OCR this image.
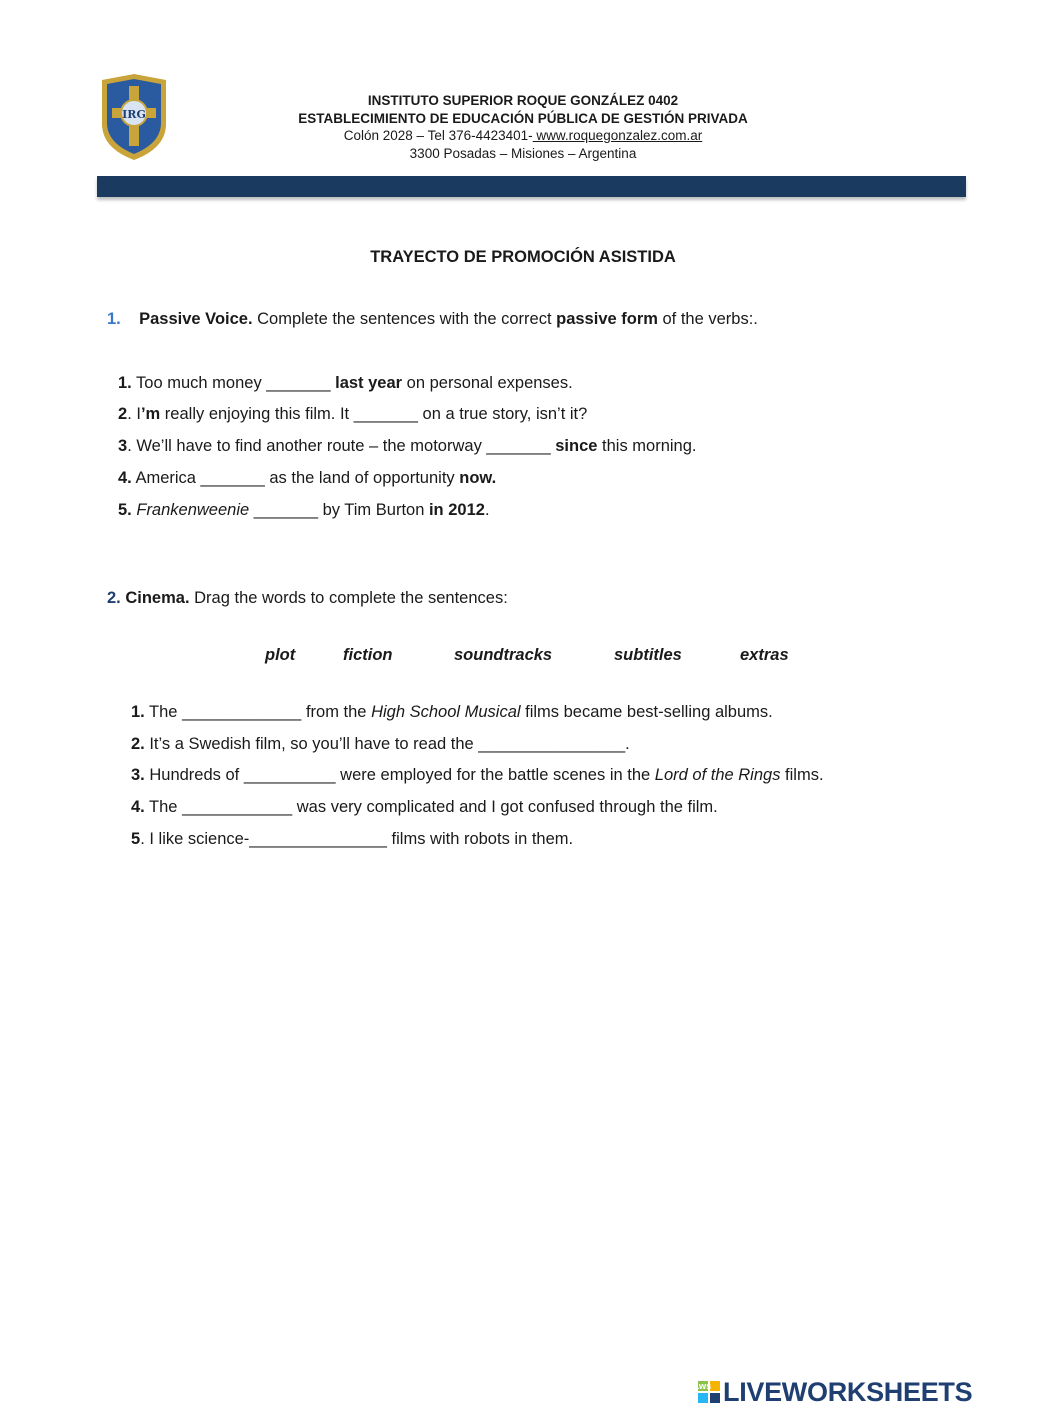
IRG
INSTITUTO SUPERIOR ROQUE GONZÁLEZ 0402
ESTABLECIMIENTO DE EDUCACIÓN PÚBLICA DE GESTIÓN PRIVADA
Colón 2028 – Tel 376-4423401- www.roquegonzalez.com.ar
3300 Posadas – Misiones – Argentina
TRAYECTO DE PROMOCIÓN ASISTIDA
1. Passive Voice. Complete the sentences with the correct passive form of the verbs:.
1. Too much money _______ last year on personal expenses.
2. I’m really enjoying this film. It _______ on a true story, isn’t it?
3. We’ll have to find another route – the motorway _______ since this morning.
4. America _______ as the land of opportunity now.
5. Frankenweenie _______ by Tim Burton in 2012.
2. Cinema. Drag the words to complete the sentences:
plot	fiction	soundtracks	subtitles	extras
1. The _____________ from the High School Musical films became best-selling albums.
2. It’s a Swedish film, so you’ll have to read the ________________.
3. Hundreds of __________ were employed for the battle scenes in the Lord of the Rings films.
4. The ____________ was very complicated and I got confused through the film.
5. I like science-_______________ films with robots in them.
LWS LIVEWORKSHEETS
